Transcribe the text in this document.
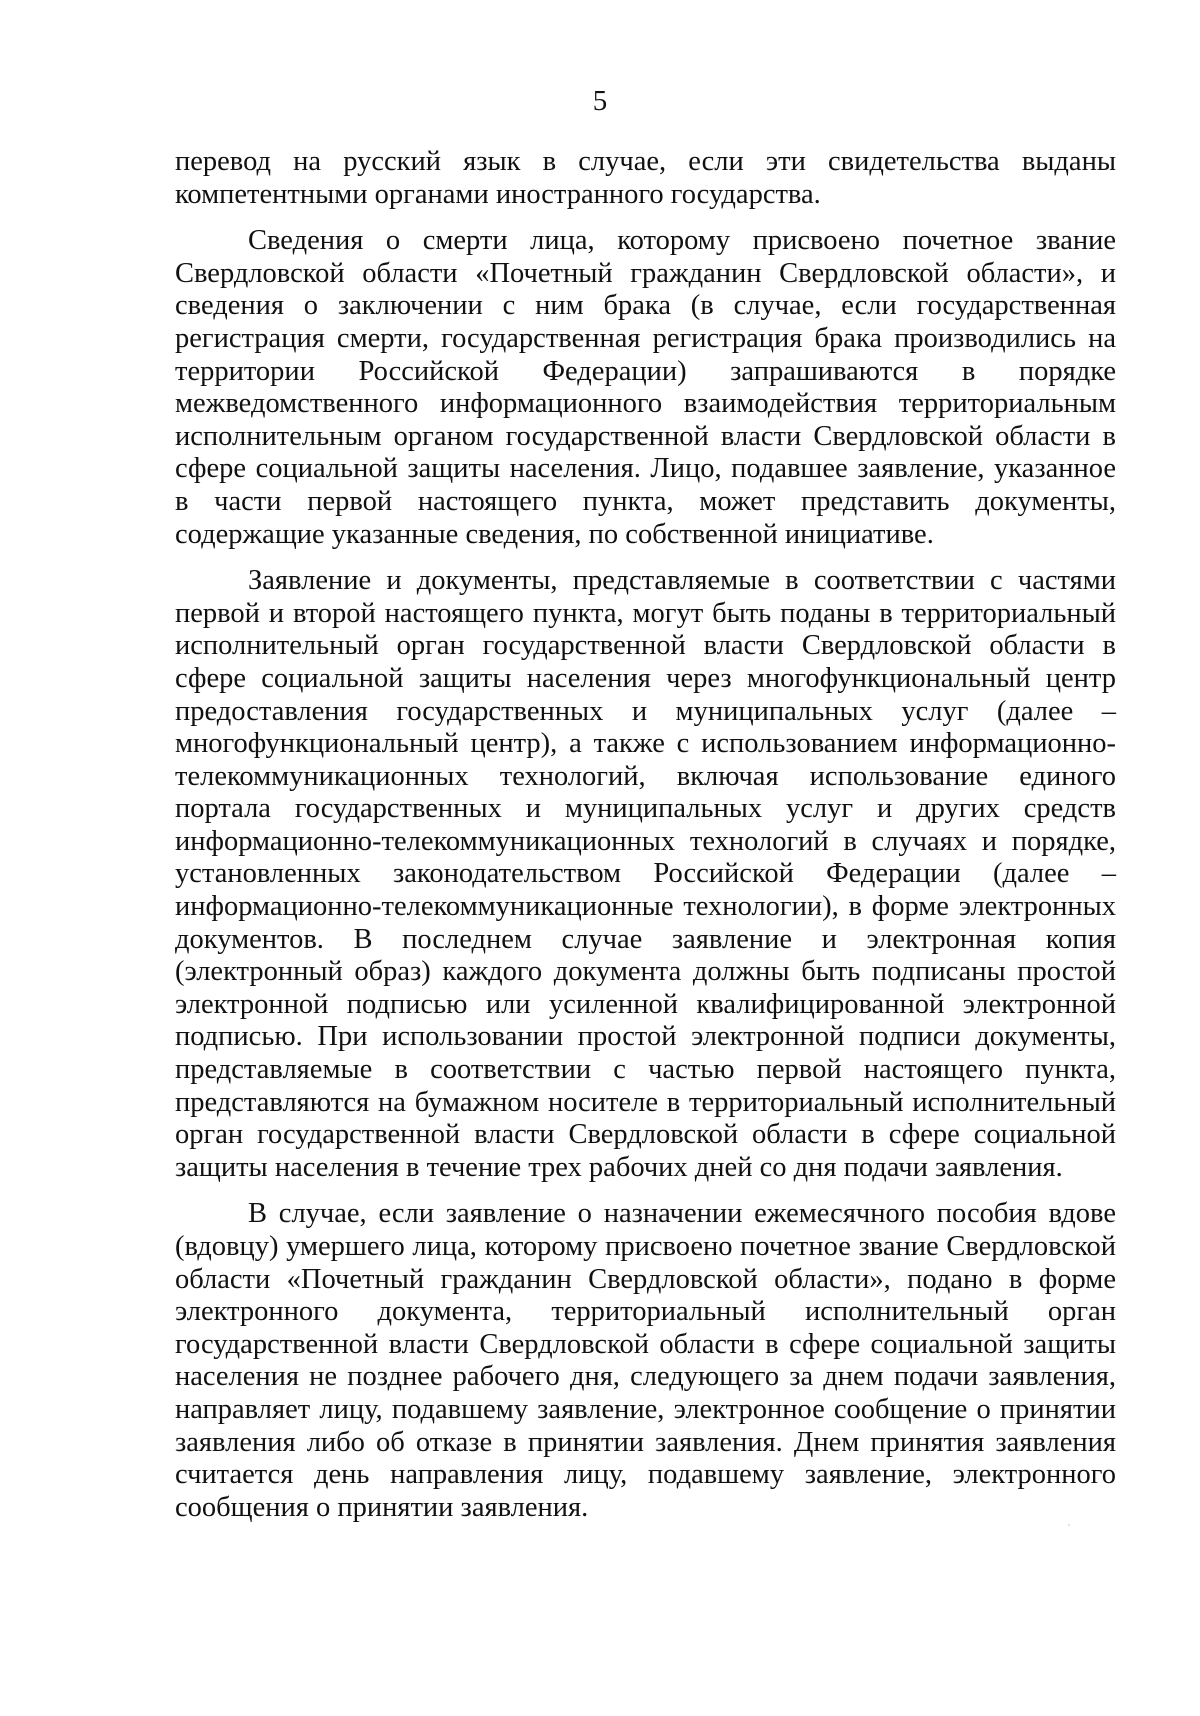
5

перевод на русский язык в случае, если эти свидетельства выданы компетентными органами иностранного государства.

Сведения о смерти лица, которому присвоено почетное звание Свердловской области «Почетный гражданин Свердловской области», и сведения о заключении с ним брака (в случае, если государственная регистрация смерти, государственная регистрация брака производились на территории Российской Федерации) запрашиваются в порядке межведомственного информационного взаимодействия территориальным исполнительным органом государственной власти Свердловской области в сфере социальной защиты населения. Лицо, подавшее заявление, указанное в части первой настоящего пункта, может представить документы, содержащие указанные сведения, по собственной инициативе.

Заявление и документы, представляемые в соответствии с частями первой и второй настоящего пункта, могут быть поданы в территориальный исполнительный орган государственной власти Свердловской области в сфере социальной защиты населения через многофункциональный центр предоставления государственных и муниципальных услуг (далее – многофункциональный центр), а также с использованием информационно-телекоммуникационных технологий, включая использование единого портала государственных и муниципальных услуг и других средств информационно-телекоммуникационных технологий в случаях и порядке, установленных законодательством Российской Федерации (далее – информационно-телекоммуникационные технологии), в форме электронных документов. В последнем случае заявление и электронная копия (электронный образ) каждого документа должны быть подписаны простой электронной подписью или усиленной квалифицированной электронной подписью. При использовании простой электронной подписи документы, представляемые в соответствии с частью первой настоящего пункта, представляются на бумажном носителе в территориальный исполнительный орган государственной власти Свердловской области в сфере социальной защиты населения в течение трех рабочих дней со дня подачи заявления.

В случае, если заявление о назначении ежемесячного пособия вдове (вдовцу) умершего лица, которому присвоено почетное звание Свердловской области «Почетный гражданин Свердловской области», подано в форме электронного документа, территориальный исполнительный орган государственной власти Свердловской области в сфере социальной защиты населения не позднее рабочего дня, следующего за днем подачи заявления, направляет лицу, подавшему заявление, электронное сообщение о принятии заявления либо об отказе в принятии заявления. Днем принятия заявления считается день направления лицу, подавшему заявление, электронного сообщения о принятии заявления.
